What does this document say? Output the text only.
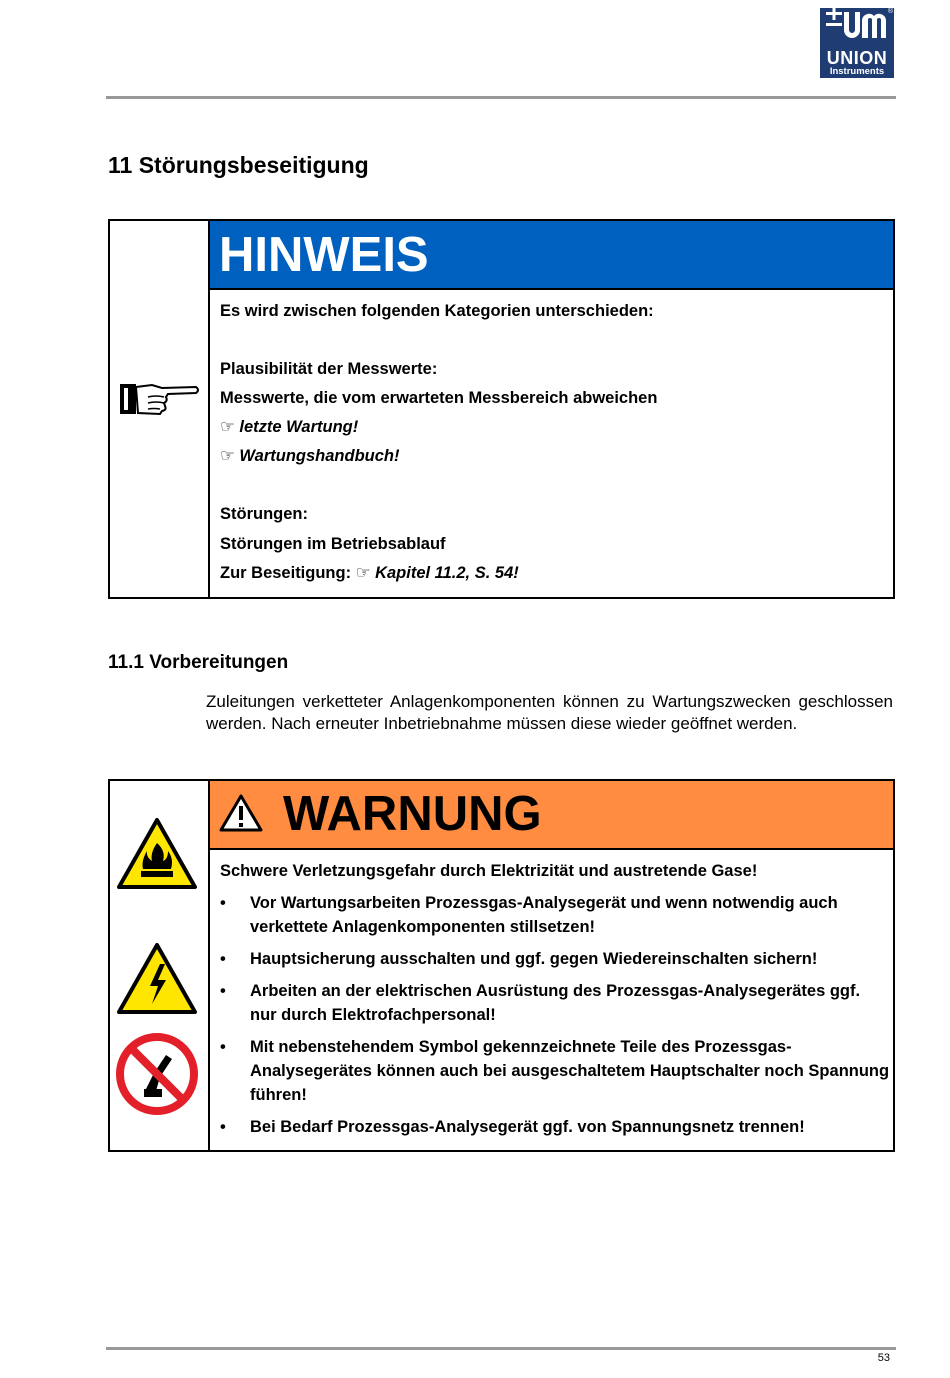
®
UNION
Instruments
11 Störungsbeseitigung
HINWEIS
Es wird zwischen folgenden Kategorien unterschieden:
Plausibilität der Messwerte:
Messwerte, die vom erwarteten Messbereich abweichen
☞ letzte Wartung!
☞ Wartungshandbuch!
Störungen:
Störungen im Betriebsablauf
Zur Beseitigung: ☞ Kapitel 11.2, S. 54!
11.1 Vorbereitungen
Zuleitungen verketteter Anlagenkomponenten können zu Wartungszwecken geschlossen werden. Nach erneuter Inbetriebnahme müssen diese wieder geöffnet werden.
WARNUNG
Schwere Verletzungsgefahr durch Elektrizität und austretende Gase!
• Vor Wartungsarbeiten Prozessgas-Analysegerät und wenn notwendig auch verkettete Anlagenkomponenten stillsetzen!
• Hauptsicherung ausschalten und ggf. gegen Wiedereinschalten sichern!
• Arbeiten an der elektrischen Ausrüstung des Prozessgas-Analysegerätes ggf. nur durch Elektrofachpersonal!
• Mit nebenstehendem Symbol gekennzeichnete Teile des Prozessgas-Analysegerätes können auch bei ausgeschaltetem Hauptschalter noch Spannung führen!
• Bei Bedarf Prozessgas-Analysegerät ggf. von Spannungsnetz trennen!
53
